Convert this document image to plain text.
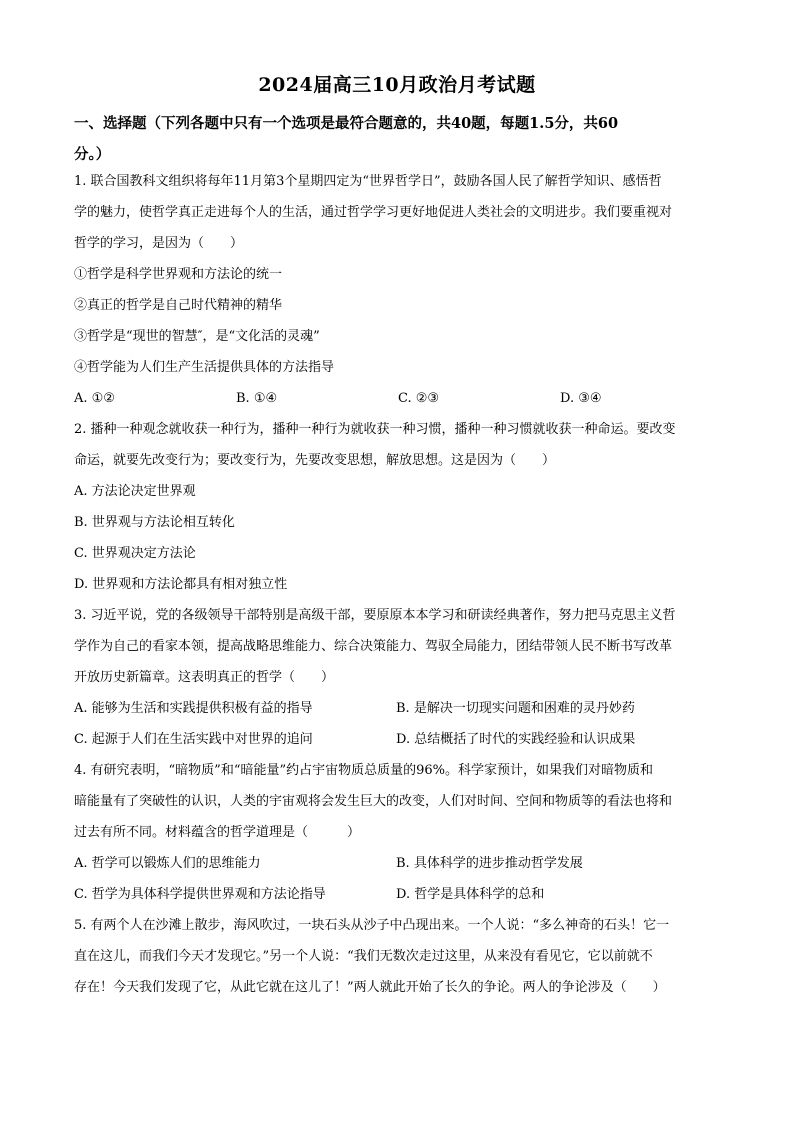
2024届高三10月政治月考试题
一、选择题（下列各题中只有一个选项是最符合题意的，共40题，每题1.5分，共60
分。）
1. 联合国教科文组织将每年11月第3个星期四定为“世界哲学日”，鼓励各国人民了解哲学知识、感悟哲
学的魅力，使哲学真正走进每个人的生活，通过哲学学习更好地促进人类社会的文明进步。我们要重视对
哲学的学习，是因为（　　）
①哲学是科学世界观和方法论的统一
②真正的哲学是自己时代精神的精华
③哲学是“现世的智慧″，是“文化活的灵魂”
④哲学能为人们生产生活提供具体的方法指导
A. ①②	B. ①④	C. ②③	D. ③④
2. 播种一种观念就收获一种行为，播种一种行为就收获一种习惯，播种一种习惯就收获一种命运。要改变
命运，就要先改变行为；要改变行为，先要改变思想，解放思想。这是因为（　　）
A. 方法论决定世界观
B. 世界观与方法论相互转化
C. 世界观决定方法论
D. 世界观和方法论都具有相对独立性
3. 习近平说，党的各级领导干部特别是高级干部，要原原本本学习和研读经典著作，努力把马克思主义哲
学作为自己的看家本领，提高战略思维能力、综合决策能力、驾驭全局能力，团结带领人民不断书写改革
开放历史新篇章。这表明真正的哲学（　　）
A. 能够为生活和实践提供积极有益的指导	B. 是解决一切现实问题和困难的灵丹妙药
C. 起源于人们在生活实践中对世界的追问	D. 总结概括了时代的实践经验和认识成果
4. 有研究表明，“暗物质”和“暗能量”约占宇宙物质总质量的96%。科学家预计，如果我们对暗物质和
暗能量有了突破性的认识，人类的宇宙观将会发生巨大的改变，人们对时间、空间和物质等的看法也将和
过去有所不同。材料蕴含的哲学道理是（　　　）
A. 哲学可以锻炼人们的思维能力	B. 具体科学的进步推动哲学发展
C. 哲学为具体科学提供世界观和方法论指导	D. 哲学是具体科学的总和
5. 有两个人在沙滩上散步，海风吹过，一块石头从沙子中凸现出来。一个人说：“多么神奇的石头！它一
直在这儿，而我们今天才发现它。”另一个人说：“我们无数次走过这里，从来没有看见它，它以前就不
存在！今天我们发现了它，从此它就在这儿了！”两人就此开始了长久的争论。两人的争论涉及（　　）
